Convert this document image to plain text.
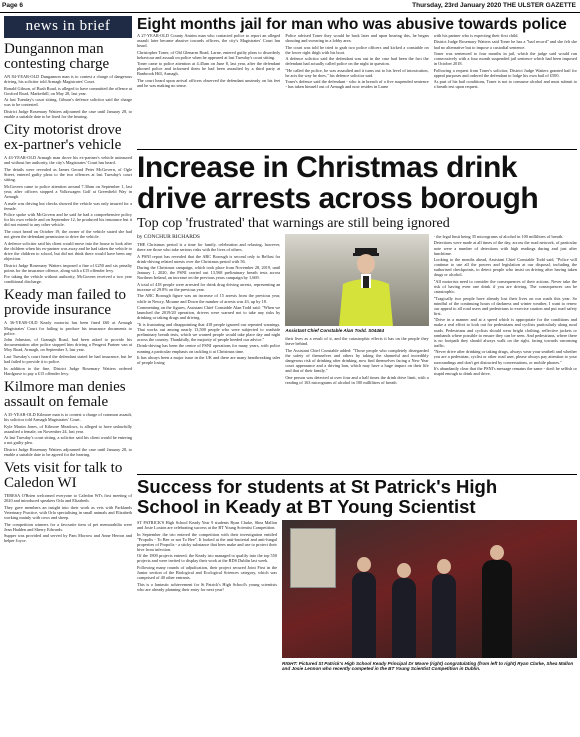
Page 6	Thursday, 23rd January 2020 THE ULSTER GAZETTE
news in brief
Dungannon man contesting charge

AN 84-YEAR-OLD Dungannon man is to contest a charge of dangerous driving, his solicitor told Armagh Magistrates' Court.

Ronald Gibson, of Bush Road, is alleged to have committed the offence at Gosford Road, Markethill, on May 28, last year.

At last Tuesday's court sitting, Gibson's defence solicitor said the charge was to be contested.

District Judge Rosemary Watters adjourned the case until January 28, to enable a suitable date to be fixed for the hearing.

City motorist drove ex-partner's vehicle

A 43-YEAR-OLD Armagh man drove his ex-partner's vehicle uninsured and without her authority, the city's Magistrates' Court has heard.

The details were revealed as James Gerard Peter McGovern, of Ogle Street, entered guilty pleas to the two offences at last Tuesday's court sitting.

McGovern came to police attention around 7.30am on September 1, last year, after officers stopped a Volkswagen Golf at Greenfield Way in Armagh.

A male was driving but checks showed the vehicle was only insured for a female.

Police spoke with McGovern and he said he had a comprehensive policy for his own vehicle and on September 12, he produced his insurance but it did not extend to any other vehicle.

The court heard on October 19, the owner of the vehicle stated she had not given the defendant permission to drive the vehicle.

A defence solicitor said his client would move into the house to look after the children when his ex-partner was away and he had taken the vehicle to drive the children to school, but did not think there would have been any objection.

District Judge Rosemary Watters imposed a fine of £250 and six penalty points for the insurance offence, along with a £15 offender levy.

For taking the vehicle without authority, McGovern received a two year conditional discharge.

Keady man failed to provide insurance

A 36-YEAR-OLD Keady motorist has been fined £60 at Armagh Magistrates' Court for failing to produce his insurance documents to police.

John Johnston, of Granagh Road, had been asked to provide his documentation after police stopped him driving a Peugeot Partner van at Moy Road, Armagh, on September 3, last year.

Last Tuesday's court heard the defendant stated he had insurance, but he had failed to provide it to police.

In addition to the fine, District Judge Rosemary Watters ordered Hardgrave to pay a £15 offender levy.

Kilmore man denies assault on female

A 35-YEAR-OLD Kilmore man is to contest a charge of common assault, his solicitor told Armagh Magistrates' Court.

Kyle Martin Jones, of Kilmore Meadows, is alleged to have unlawfully assaulted a female, on November 24, last year.

At last Tuesday's court sitting, a solicitor said his client would be entering a not guilty plea.

District Judge Rosemary Watters adjourned the case until January 28, to enable a suitable date to be agreed for the hearing.

Vets visit for talk to Caledon WI

TERESA O'Brien welcomed everyone to Caledon WI's first meeting of 2020 and introduced speakers Orla and Elizabeth.

They gave members an insight into their work as vets with Parklands Veterinary Practice, with Orla specialising in small animals and Elizabeth working mainly with cows and sheep.

The competition winners for a favourite item of pet memorabilia were Jean Hadden and Sherry Edwards.

Supper was provided and served by Pam Morrow and Anne Herron and helper Joyce.

Eight months jail for man who was abusive towards police

A 27-YEAR-OLD County Antrim man who contacted police to report an alleged assault later became abusive towards officers, the city's Magistrates' Court has heard.

Christopher Toner, of Old Glenarm Road, Larne, entered guilty pleas to disorderly behaviour and assault on police when he appeared at last Tuesday's court sitting.

Toner came to police attention at 4.45am on June 8, last year, after the defendant phoned police and informed them he had been assaulted by a third party at Banbrook Hill, Armagh.

The court heard upon arrival officers observed the defendant unsteady on his feet and he was making no sense.

Police advised Toner they would be back later and upon hearing this, he began shouting and swearing in a lobby area.

The court was told he tried to grab two police officers and kicked a constable on the lower right thigh with his boot.

A defence solicitor said the defendant was out in the case had been the fact the defendant had actually called police on the night in question.

"He called the police, he was assaulted and it turns out to his level of intoxication, he acts the way he does," his defence solicitor said.

Toner's defence said the defendant - who is in breach of a five suspended sentence - has taken himself out of Armagh and now resides in Larne

with his partner who is expecting their first child.

District Judge Rosemary Watters said Toner he has a "bad record" and she felt she had no alternative but to impose a custodial sentence.

Toner was sentenced to four months in jail, which the judge said would run consecutively with a four month suspended jail sentence which had been imposed in October 2018.

Following a request from Toner's solicitor, District Judge Watters granted bail for appeal purposes and ordered the defendant to lodge his own bail of £500.

As part of his bail conditions, Toner is not to consume alcohol and must submit to a breath test upon request.

Increase in Christmas drink
drive arrests across borough
Top cop 'frustrated' that warnings are still being ignored
by CONCHÚR RICHARDS

THE Christmas period is a time for family, celebration and relaxing, however, there are those who take serious risks with the lives of others.

A PSNI report has revealed that the ABC Borough is second only to Belfast for drink-driving related arrests over the Christmas period with 56.

During the Christmas campaign, which took place from November 28, 2019, until January 1, 2020, the PSNI carried out 13,568 preliminary breath tests across Northern Ireland, an increase on the previous years campaign by 1,669.

A total of 418 people were arrested for drink drug driving arrests, representing an increase of 29.8% on the previous year.

The ABC Borough figure was an increase of 15 arrests from the previous year, while in Newry, Mourne and Down the number of arrests was 43, up by 18.

Commenting on the figures, Assistant Chief Constable Alan Todd said: "When we launched the 2019/20 operation, drivers were warned not to take any risks by drinking or taking drugs and driving.

"It is frustrating and disappointing that 418 people ignored our repeated warnings. That works out among nearly 13,500 people who were subjected to roadside preliminary breath tests, which we warned people would take place day and night across the country. Thankfully, the majority of people heeded our advice."

Drink-driving has been the centre of PSNI operations for many years, with police running a particular emphasis on tackling it at Christmas time.

It has always been a major issue in the UK and there are many heartbreaking tales of people losing

Assistant Chief Constable Alan Todd. S04464

their lives as a result of it, and the catastrophic effects it has on the people they leave behind.

The Assistant Chief Constable added: "Those people who completely disregarded the safety of themselves and others by taking the shameful and incredibly dangerous risk of drinking after drinking, now find themselves facing a New Year court appearance and a driving ban, which may have a huge impact on their life and that of their family."

One person was detected at over four and a half times the drink drive limit, with a reading of 163 micrograms of alcohol in 100 millilitres of breath

- the legal limit being 35 micrograms of alcohol in 100 millilitres of breath.

Detections were made at all times of the day, across the road network, of particular note were a number of detections with high readings during and just after lunchtime.

Looking to the months ahead, Assistant Chief Constable Todd said, "Police will continue to use all the powers and legislation at our disposal, including the authorised checkpoints, to detect people who insist on driving after having taken drugs or alcohol.

"All motorists need to consider the consequences of their actions. Never take the risk of having even one drink if you are driving. The consequences can be catastrophic.

"Tragically two people have already lost their lives on our roads this year. So mindful of the continuing hours of darkness and winter weather, I want to renew our appeal to all road users and pedestrians to exercise caution and put road safety first.

"Drive in a manner and at a speed which is appropriate for the conditions and make a real effort to look out for pedestrians and cyclists particularly along rural roads. Pedestrians and cyclists should wear bright clothing, reflective jackets or armbands where possible to ensure they can be seen. And pedestrians, where there is no footpath they should always walk on the right, facing towards oncoming traffic.

"Never drive after drinking or taking drugs, always wear your seatbelt and whether you are a pedestrian, cyclist or other road user, please always pay attention to your surroundings and don't get distracted by conversations, or mobile phones."

It's abundantly clear that the PSNI's message remains the same - don't be selfish or stupid enough to drink and drive.

Success for students at St Patrick's High
School in Keady at BT Young Scientist

ST PATRICK'S High School Keady Year 9 students Ryan Clarke, Shea Mallon and Josie Loxton are celebrating success at the BT Young Scientist Competition.

In September the trio entered the competition with their investigation entitled "Propolis - To Bee or not To Bee". It looked at the anti-bacterial and anti-fungal properties of Propolis - a sticky substance that bees make and use to protect their hive from infection.

Of the 1800 projects entered, the Keady trio managed to qualify into the top 550 projects and were invited to display their work at the RDS Dublin last week.

Following many rounds of adjudication, their project secured Joint First in the Junior section of the Biological and Ecological Sciences category, which was comprised of 40 other entrants.

This is a fantastic achievement for St Patrick's High School's young scientists who are already planning their entry for next year!

RIGHT: Pictured St Patrick's High School Keady Principal Dr Moore (right) congratulating (from left to right) Ryan Clarke, Shea Mallon and Josie Lennon who recently competed in the BT Young Scientist Competition in Dublin.
